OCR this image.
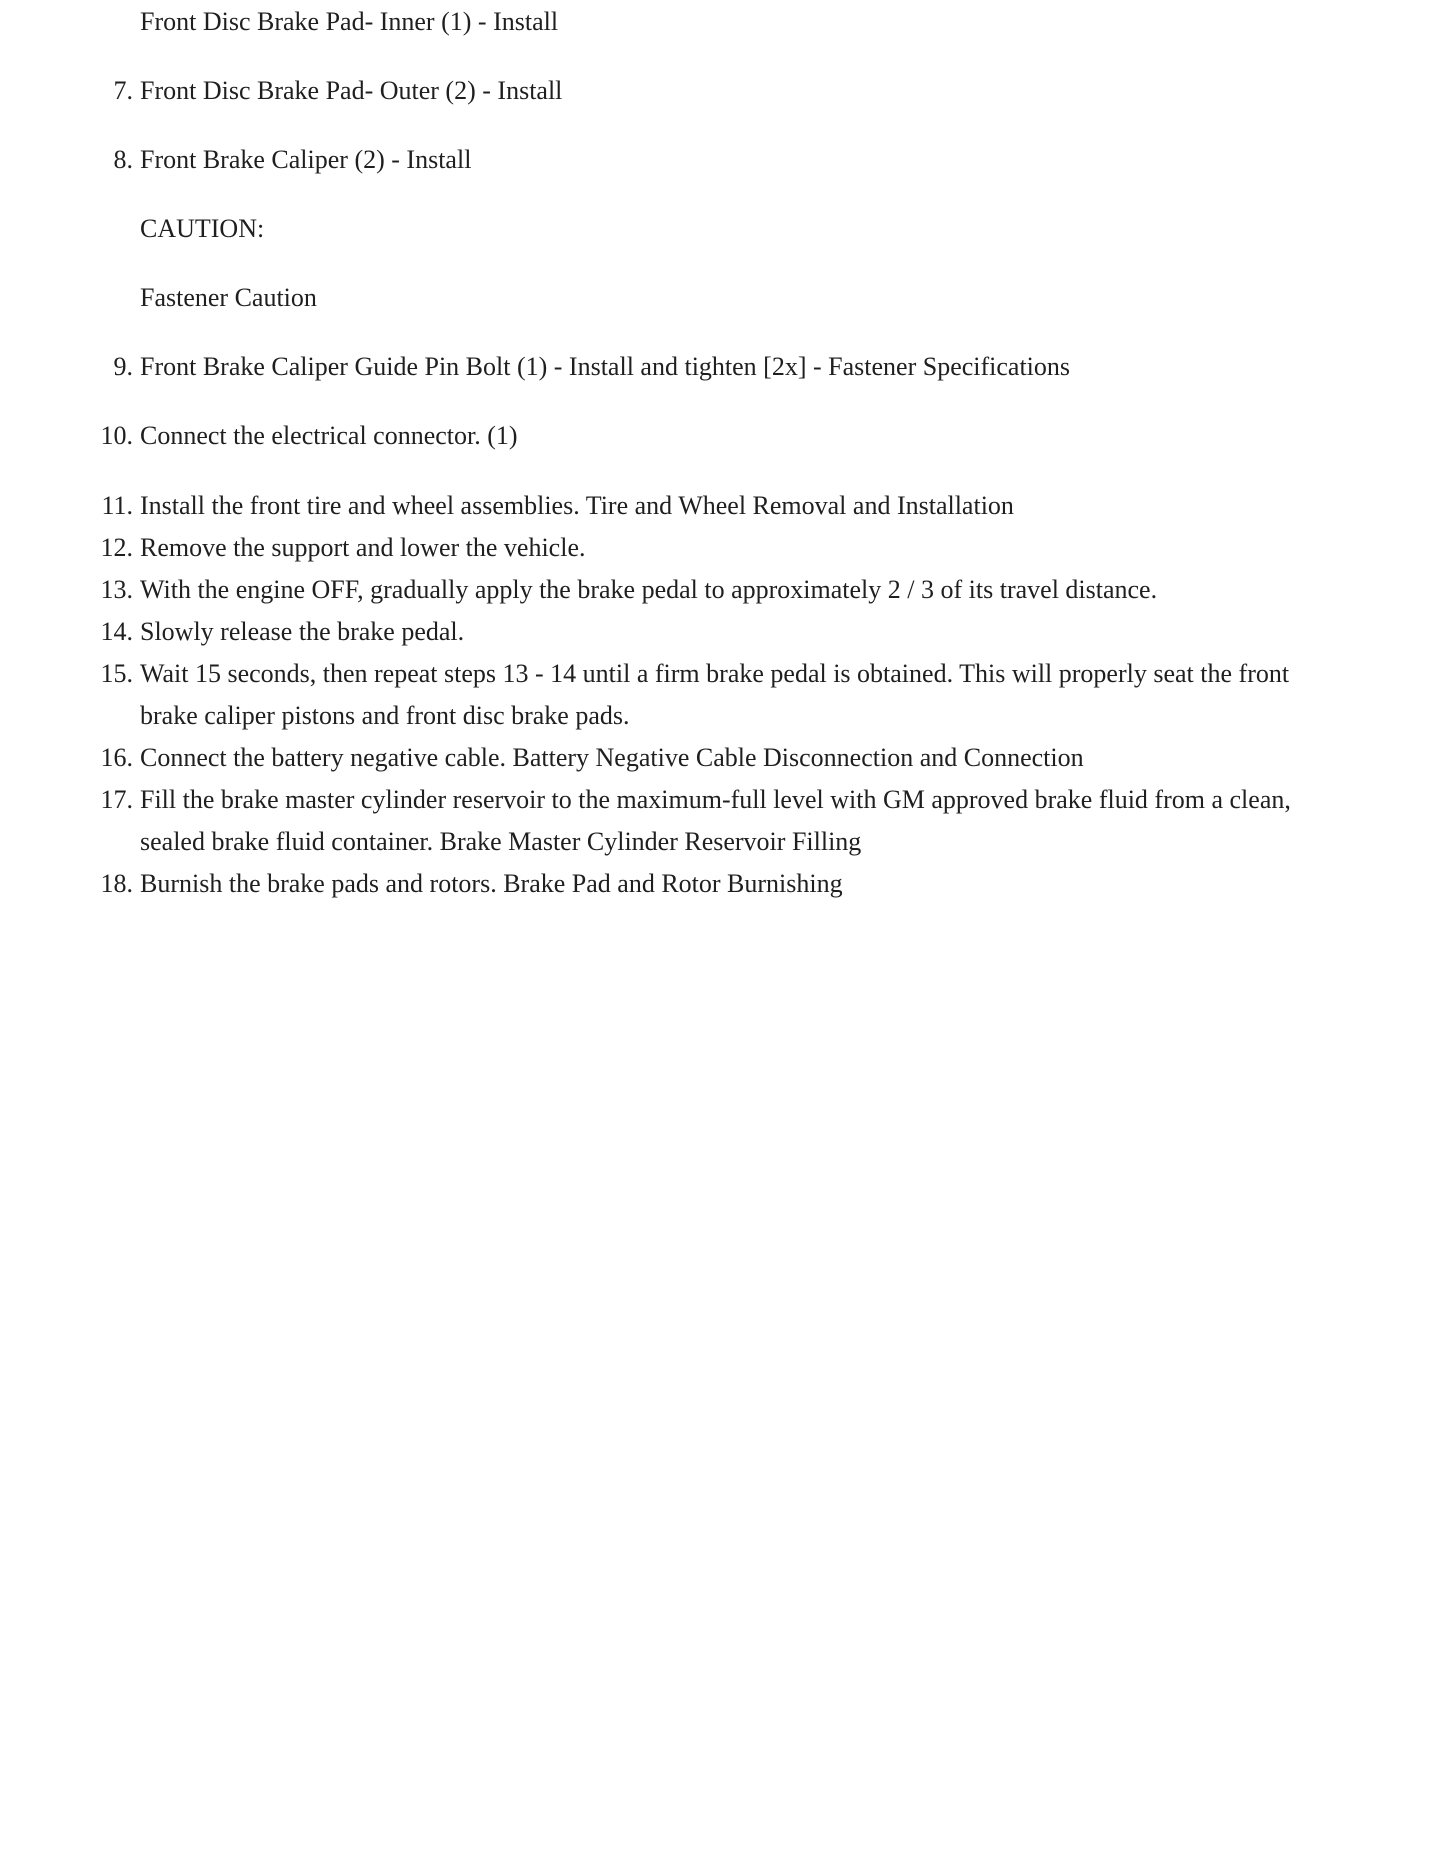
Front Disc Brake Pad- Inner (1) - Install
7. Front Disc Brake Pad- Outer (2) - Install
8. Front Brake Caliper (2) - Install
CAUTION:
Fastener Caution
9. Front Brake Caliper Guide Pin Bolt (1) - Install and tighten [2x] - Fastener Specifications
10. Connect the electrical connector. (1)
11. Install the front tire and wheel assemblies. Tire and Wheel Removal and Installation
12. Remove the support and lower the vehicle.
13. With the engine OFF, gradually apply the brake pedal to approximately 2 / 3 of its travel distance.
14. Slowly release the brake pedal.
15. Wait 15 seconds, then repeat steps 13 - 14 until a firm brake pedal is obtained. This will properly seat the front
brake caliper pistons and front disc brake pads.
16. Connect the battery negative cable. Battery Negative Cable Disconnection and Connection
17. Fill the brake master cylinder reservoir to the maximum-full level with GM approved brake fluid from a clean,
sealed brake fluid container. Brake Master Cylinder Reservoir Filling
18. Burnish the brake pads and rotors. Brake Pad and Rotor Burnishing
